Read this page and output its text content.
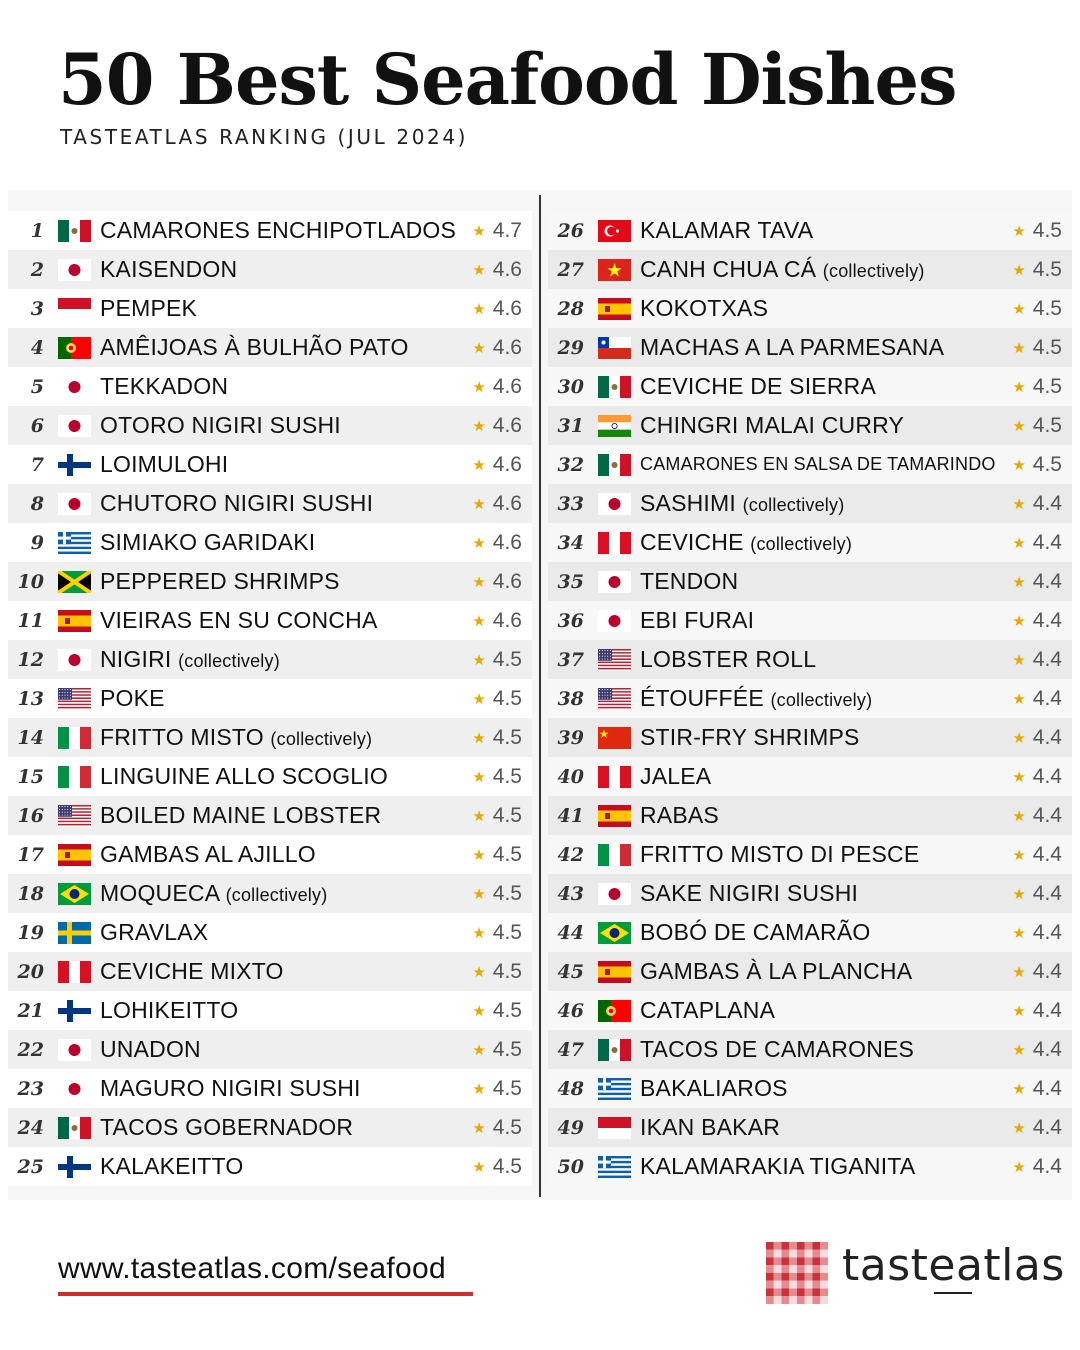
50 Best Seafood Dishes
TASTEATLAS RANKING (JUL 2024)
1 CAMARONES ENCHIPOTLADOS	★ 4.7
2 KAISENDON	★ 4.6
3 PEMPEK	★ 4.6
4 AMÊIJOAS À BULHÃO PATO	★ 4.6
5 TEKKADON	★ 4.6
6 OTORO NIGIRI SUSHI	★ 4.6
7 LOIMULOHI	★ 4.6
8 CHUTORO NIGIRI SUSHI	★ 4.6
9 SIMIAKO GARIDAKI	★ 4.6
10 PEPPERED SHRIMPS	★ 4.6
11 VIEIRAS EN SU CONCHA	★ 4.6
12 NIGIRI (collectively)	★ 4.5
13 POKE	★ 4.5
14 FRITTO MISTO (collectively)	★ 4.5
15 LINGUINE ALLO SCOGLIO	★ 4.5
16 BOILED MAINE LOBSTER	★ 4.5
17 GAMBAS AL AJILLO	★ 4.5
18 MOQUECA (collectively)	★ 4.5
19 GRAVLAX	★ 4.5
20 CEVICHE MIXTO	★ 4.5
21 LOHIKEITTO	★ 4.5
22 UNADON	★ 4.5
23 MAGURO NIGIRI SUSHI	★ 4.5
24 TACOS GOBERNADOR	★ 4.5
25 KALAKEITTO	★ 4.5
26 KALAMAR TAVA	★ 4.5
27 CANH CHUA CÁ (collectively)	★ 4.5
28 KOKOTXAS	★ 4.5
29 MACHAS A LA PARMESANA	★ 4.5
30 CEVICHE DE SIERRA	★ 4.5
31 CHINGRI MALAI CURRY	★ 4.5
32	CAMARONES EN SALSA DE TAMARINDO	★ 4.5
33 SASHIMI (collectively)	★ 4.4
34 CEVICHE (collectively)	★ 4.4
35 TENDON	★ 4.4
36 EBI FURAI	★ 4.4
37 LOBSTER ROLL	★ 4.4
38 ÉTOUFFÉE (collectively)	★ 4.4
39 STIR-FRY SHRIMPS	★ 4.4
40 JALEA	★ 4.4
41 RABAS	★ 4.4
42 FRITTO MISTO DI PESCE	★ 4.4
43 SAKE NIGIRI SUSHI	★ 4.4
44 BOBÓ DE CAMARÃO	★ 4.4
45 GAMBAS À LA PLANCHA	★ 4.4
46 CATAPLANA	★ 4.4
47 TACOS DE CAMARONES	★ 4.4
48 BAKALIAROS	★ 4.4
49 IKAN BAKAR	★ 4.4
50 KALAMARAKIA TIGANITA	★ 4.4
www.tasteatlas.com/seafood	tasteatlas
